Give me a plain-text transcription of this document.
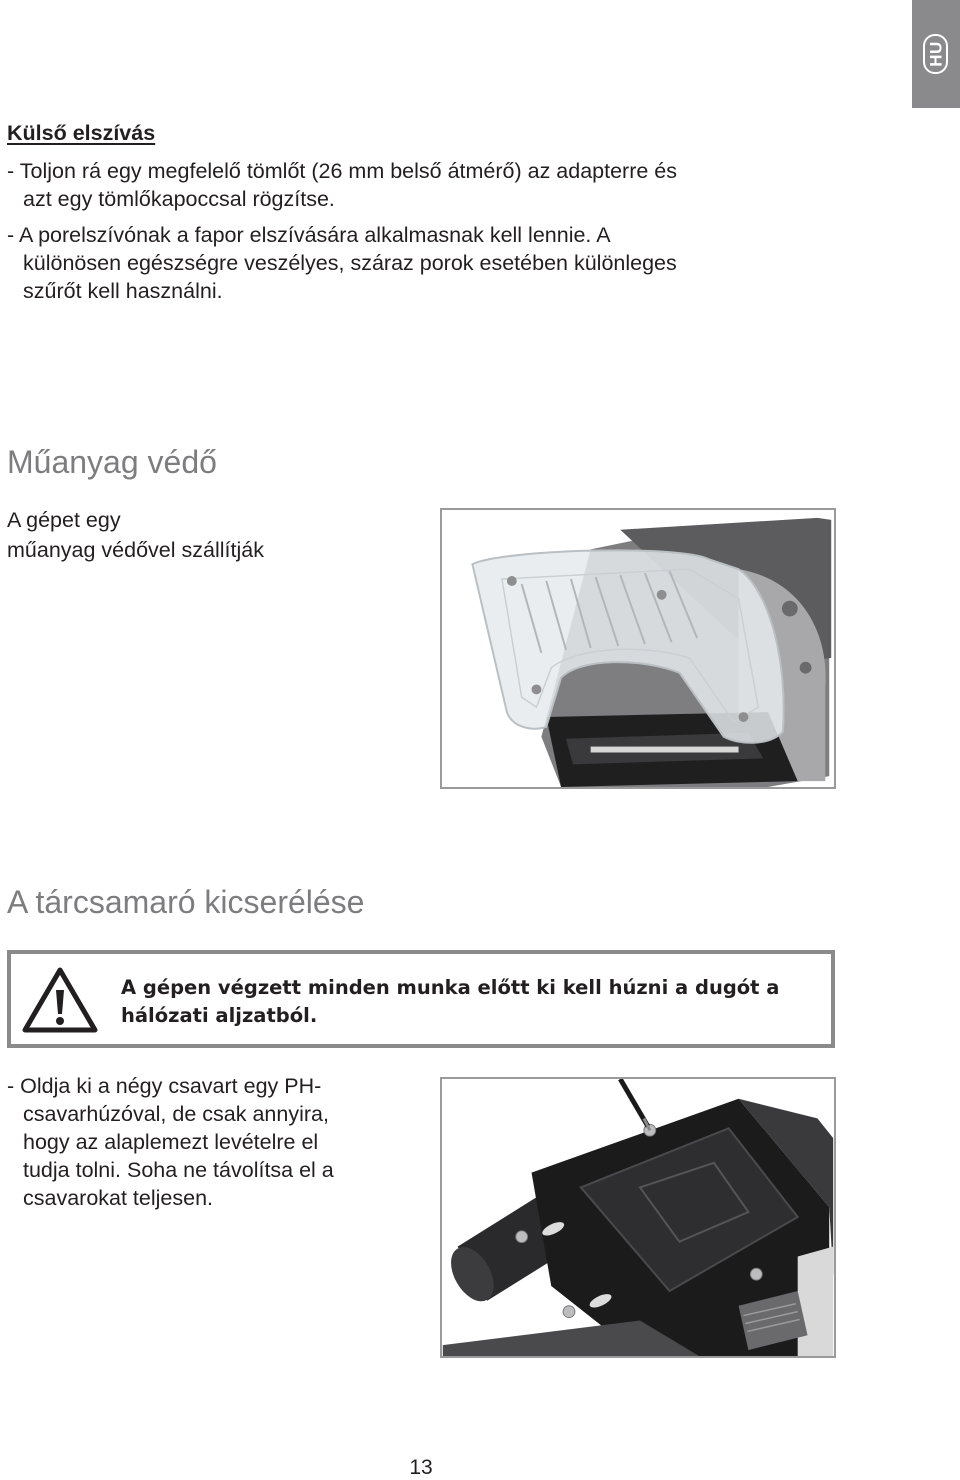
HU
Külső elszívás
- Toljon rá egy megfelelő tömlőt (26 mm belső átmérő) az adapterre és
azt egy tömlőkapoccsal rögzítse.
- A porelszívónak a fapor elszívására alkalmasnak kell lennie. A
különösen egészségre veszélyes, száraz porok esetében különleges
szűrőt kell használni.
Műanyag védő
A gépet egy
műanyag védővel szállítják
A tárcsamaró kicserélése
A gépen végzett minden munka előtt ki kell húzni a dugót a
hálózati aljzatból.
- Oldja ki a négy csavart egy PH-
csavarhúzóval, de csak annyira,
hogy az alaplemezt levételre el
tudja tolni. Soha ne távolítsa el a
csavarokat teljesen.
13
